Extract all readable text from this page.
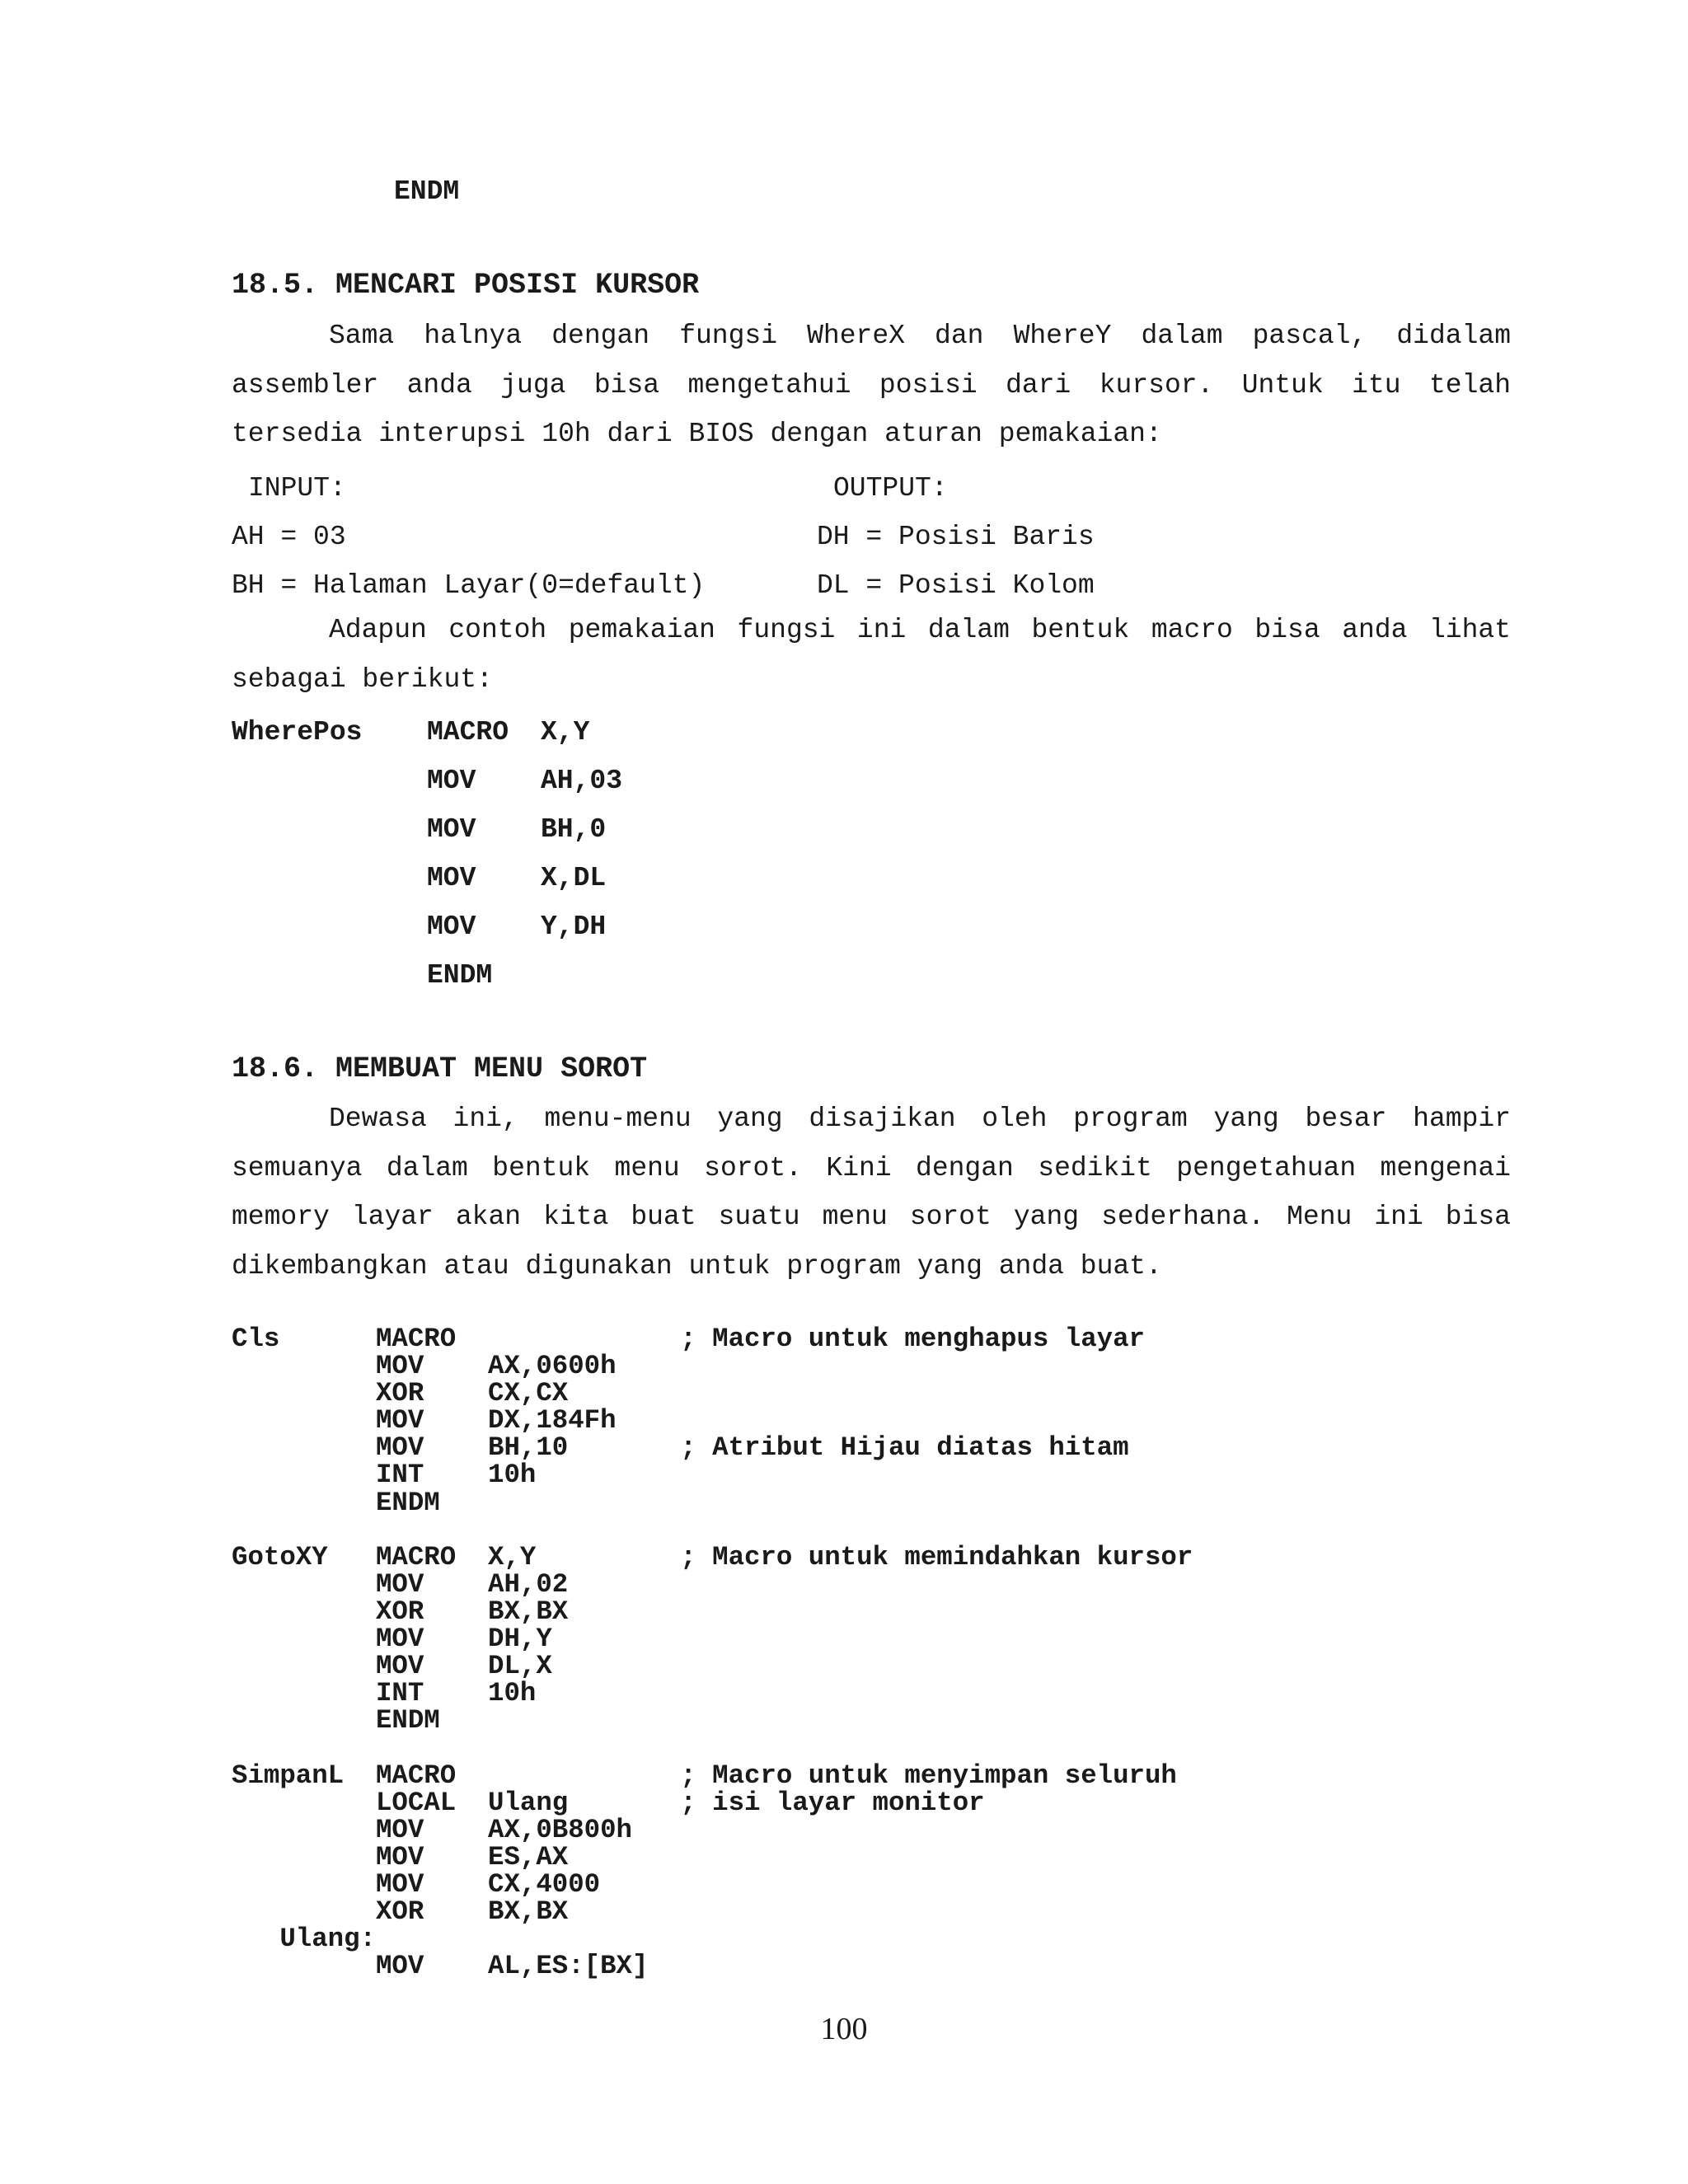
ENDM
18.5. MENCARI POSISI KURSOR

Sama halnya dengan fungsi WhereX dan WhereY dalam pascal, didalam assembler anda juga bisa mengetahui posisi dari kursor. Untuk itu telah tersedia interupsi 10h dari BIOS dengan aturan pemakaian:

INPUT:	OUTPUT:
AH = 03	DH = Posisi Baris
BH = Halaman Layar(0=default)	DL = Posisi Kolom

Adapun contoh pemakaian fungsi ini dalam bentuk macro bisa anda lihat sebagai berikut:

WherePos MACRO X,Y
MOV AH,03
MOV BH,0
MOV X,DL
MOV Y,DH
ENDM
18.6. MEMBUAT MENU SOROT

Dewasa ini, menu-menu yang disajikan oleh program yang besar hampir semuanya dalam bentuk menu sorot. Kini dengan sedikit pengetahuan mengenai memory layar akan kita buat suatu menu sorot yang sederhana. Menu ini bisa dikembangkan atau digunakan untuk program yang anda buat.

Cls      MACRO              ; Macro untuk menghapus layar
MOV    AX,0600h
XOR    CX,CX
MOV    DX,184Fh
MOV    BH,10       ; Atribut Hijau diatas hitam
INT    10h
ENDM

GotoXY   MACRO  X,Y         ; Macro untuk memindahkan kursor
MOV    AH,02
XOR    BX,BX
MOV    DH,Y
MOV    DL,X
INT    10h
ENDM

SimpanL  MACRO              ; Macro untuk menyimpan seluruh
LOCAL  Ulang       ; isi layar monitor
MOV    AX,0B800h
MOV    ES,AX
MOV    CX,4000
XOR    BX,BX
Ulang:
MOV    AL,ES:[BX]
100
